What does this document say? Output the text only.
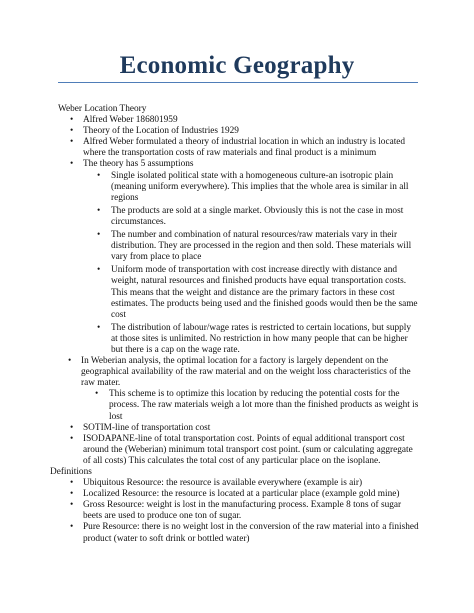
Economic Geography

Weber Location Theory

• Alfred Weber 186801959
• Theory of the Location of Industries 1929
• Alfred Weber formulated a theory of industrial location in which an industry is located where the transportation costs of raw materials and final product is a minimum
• The theory has 5 assumptions
• Single isolated political state with a homogeneous culture-an isotropic plain (meaning uniform everywhere). This implies that the whole area is similar in all regions
• The products are sold at a single market. Obviously this is not the case in most circumstances.
• The number and combination of natural resources/raw materials vary in their distribution. They are processed in the region and then sold. These materials will vary from place to place
• Uniform mode of transportation with cost increase directly with distance and weight, natural resources and finished products have equal transportation costs. This means that the weight and distance are the primary factors in these cost estimates. The products being used and the finished goods would then be the same cost
• The distribution of labour/wage rates is restricted to certain locations, but supply at those sites is unlimited. No restriction in how many people that can be higher but there is a cap on the wage rate.
• In Weberian analysis, the optimal location for a factory is largely dependent on the geographical availability of the raw material and on the weight loss characteristics of the raw mater.
• This scheme is to optimize this location by reducing the potential costs for the process. The raw materials weigh a lot more than the finished products as weight is lost
• SOTIM-line of transportation cost
• ISODAPANE-line of total transportation cost. Points of equal additional transport cost around the (Weberian) minimum total transport cost point. (sum or calculating aggregate of all costs) This calculates the total cost of any particular place on the isoplane.

Definitions

• Ubiquitous Resource: the resource is available everywhere (example is air)
• Localized Resource: the resource is located at a particular place (example gold mine)
• Gross Resource: weight is lost in the manufacturing process. Example 8 tons of sugar beets are used to produce one ton of sugar.
• Pure Resource: there is no weight lost in the conversion of the raw material into a finished product (water to soft drink or bottled water)
